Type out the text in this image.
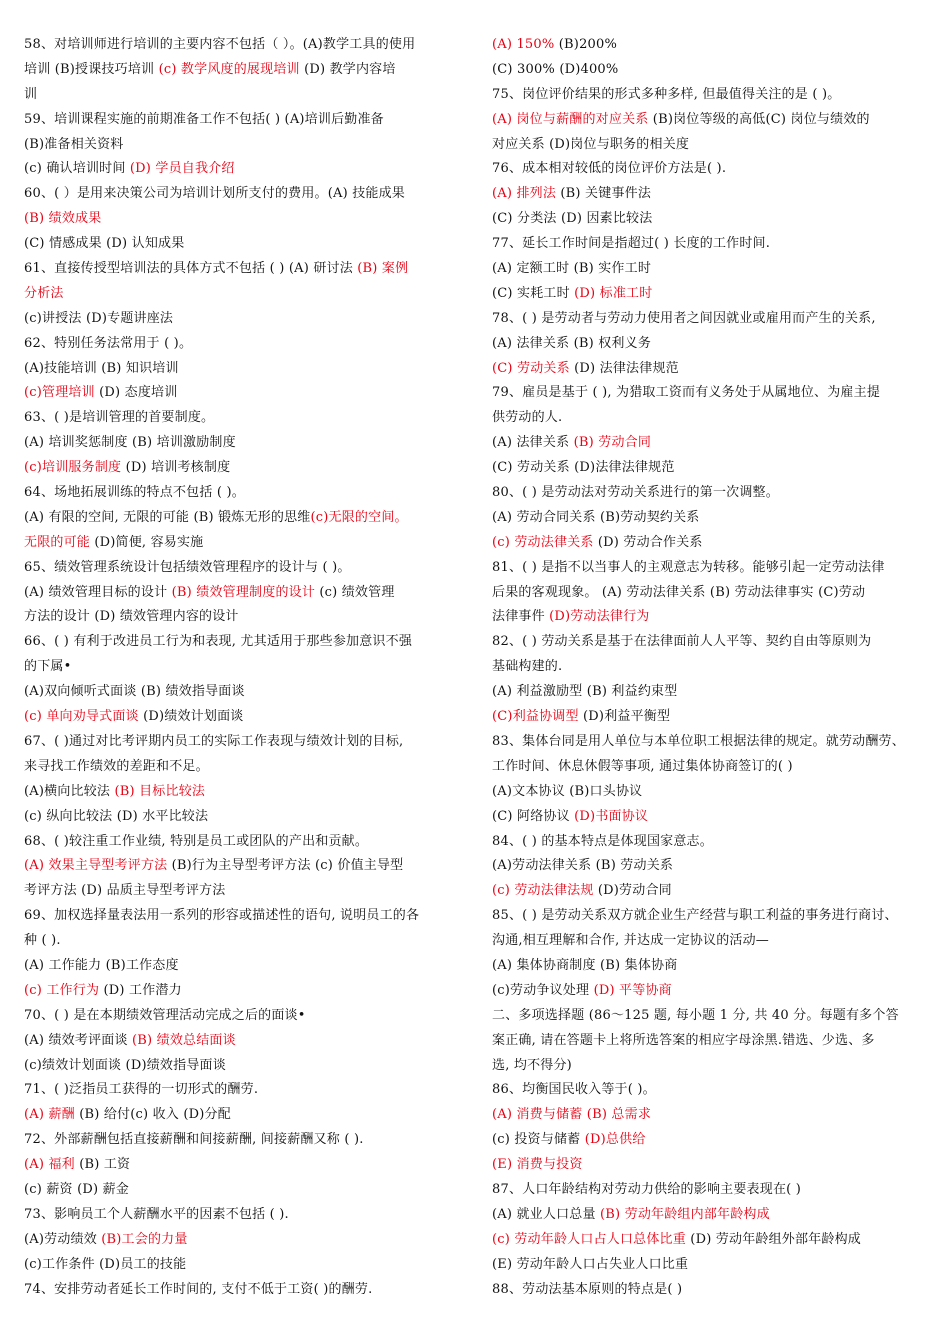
58、对培训师进行培训的主要内容不包括（ ）。(A)教学工具的使用
培训 (B)授课技巧培训 (c) 教学风度的展现培训 (D) 教学内容培
训
59、培训课程实施的前期准备工作不包括( ) (A)培训后勤准备
(B)准备相关资料
(c) 确认培训时间 (D) 学员自我介绍
60、( ）是用来决策公司为培训计划所支付的费用。(A) 技能成果
(B) 绩效成果
(C) 情感成果 (D) 认知成果
61、直接传授型培训法的具体方式不包括 ( ) (A) 研讨法 (B) 案例
分析法
(c)讲授法 (D)专题讲座法
62、特别任务法常用于 ( )。
(A)技能培训 (B) 知识培训
(c)管理培训 (D) 态度培训
63、( )是培训管理的首要制度。
(A) 培训奖惩制度 (B) 培训激励制度
(c)培训服务制度 (D) 培训考核制度
64、场地拓展训练的特点不包括 ( )。
(A) 有限的空间, 无限的可能 (B) 锻炼无形的思维(c)无限的空间。
无限的可能 (D)简便, 容易实施
65、绩效管理系统设计包括绩效管理程序的设计与 ( )。
(A) 绩效管理目标的设计 (B) 绩效管理制度的设计 (c) 绩效管理
方法的设计 (D) 绩效管理内容的设计
66、( ) 有利于改进员工行为和表现, 尤其适用于那些参加意识不强
的下属•
(A)双向倾听式面谈 (B) 绩效指导面谈
(c) 单向劝导式面谈 (D)绩效计划面谈
67、( )通过对比考评期内员工的实际工作表现与绩效计划的目标,
来寻找工作绩效的差距和不足。
(A)横向比较法 (B) 目标比较法
(c) 纵向比较法 (D) 水平比较法
68、( )较注重工作业绩, 特别是员工或团队的产出和贡献。
(A) 效果主导型考评方法 (B)行为主导型考评方法 (c) 价值主导型
考评方法 (D) 品质主导型考评方法
69、加权选择量表法用一系列的形容或描述性的语句, 说明员工的各
种 ( ).
(A) 工作能力 (B)工作态度
(c) 工作行为 (D) 工作潜力
70、( ) 是在本期绩效管理活动完成之后的面谈•
(A) 绩效考评面谈 (B) 绩效总结面谈
(c)绩效计划面谈 (D)绩效指导面谈
71、( )泛指员工获得的一切形式的酬劳.
(A) 薪酬 (B) 给付(c) 收入 (D)分配
72、外部薪酬包括直接薪酬和间接薪酬, 间接薪酬又称 ( ).
(A) 福利 (B) 工资
(c) 薪资 (D) 薪金
73、影响员工个人薪酬水平的因素不包括 ( ).
(A)劳动绩效 (B)工会的力量
(c)工作条件 (D)员工的技能
74、安排劳动者延长工作时间的, 支付不低于工资( )的酬劳.
(A) 150% (B)200%
(C) 300% (D)400%
75、岗位评价结果的形式多种多样, 但最值得关注的是 ( )。
(A) 岗位与薪酬的对应关系 (B)岗位等级的高低(C) 岗位与绩效的
对应关系 (D)岗位与职务的相关度
76、成本相对较低的岗位评价方法是( ).
(A) 排列法 (B) 关键事件法
(C) 分类法 (D) 因素比较法
77、延长工作时间是指超过( ) 长度的工作时间.
(A) 定额工时 (B) 实作工时
(C) 实耗工时 (D) 标准工时
78、( ) 是劳动者与劳动力使用者之间因就业或雇用而产生的关系,
(A) 法律关系 (B) 权利义务
(C) 劳动关系 (D) 法律法律规范
79、雇员是基于 ( ), 为猎取工资而有义务处于从属地位、为雇主提
供劳动的人.
(A) 法律关系 (B) 劳动合同
(C) 劳动关系 (D)法律法律规范
80、( ) 是劳动法对劳动关系进行的第一次调整。
(A) 劳动合同关系 (B)劳动契约关系
(c) 劳动法律关系 (D) 劳动合作关系
81、( ) 是指不以当事人的主观意志为转移。能够引起一定劳动法律
后果的客观现象。 (A) 劳动法律关系 (B) 劳动法律事实 (C)劳动
法律事件 (D)劳动法律行为
82、( ) 劳动关系是基于在法律面前人人平等、契约自由等原则为
基础构建的.
(A) 利益激励型 (B) 利益约束型
(C)利益协调型 (D)利益平衡型
83、集体台同是用人单位与本单位职工根据法律的规定。就劳动酬劳、
工作时间、休息休假等事项, 通过集体协商签订的( )
(A)文本协议 (B)口头协议
(C) 阿络协议 (D)书面协议
84、( ) 的基本特点是体现国家意志。
(A)劳动法律关系 (B) 劳动关系
(c) 劳动法律法规 (D)劳动合同
85、( ) 是劳动关系双方就企业生产经营与职工利益的事务进行商讨、
沟通,相互理解和合作, 并达成一定协议的活动—
(A) 集体协商制度 (B) 集体协商
(c)劳动争议处理 (D) 平等协商
二、多项选择题 (86～125 题, 每小题 1 分, 共 40 分。每题有多个答
案正确, 请在答题卡上将所选答案的相应字母涂黑.错选、少选、多
选, 均不得分)
86、均衡国民收入等于( )。
(A) 消费与储蓄 (B) 总需求
(c) 投资与储蓄 (D)总供给
(E) 消费与投资
87、人口年龄结构对劳动力供给的影响主要表现在( )
(A) 就业人口总量 (B) 劳动年龄组内部年龄构成
(c) 劳动年龄人口占人口总体比重 (D) 劳动年龄组外部年龄构成
(E) 劳动年龄人口占失业人口比重
88、劳动法基本原则的特点是( )
